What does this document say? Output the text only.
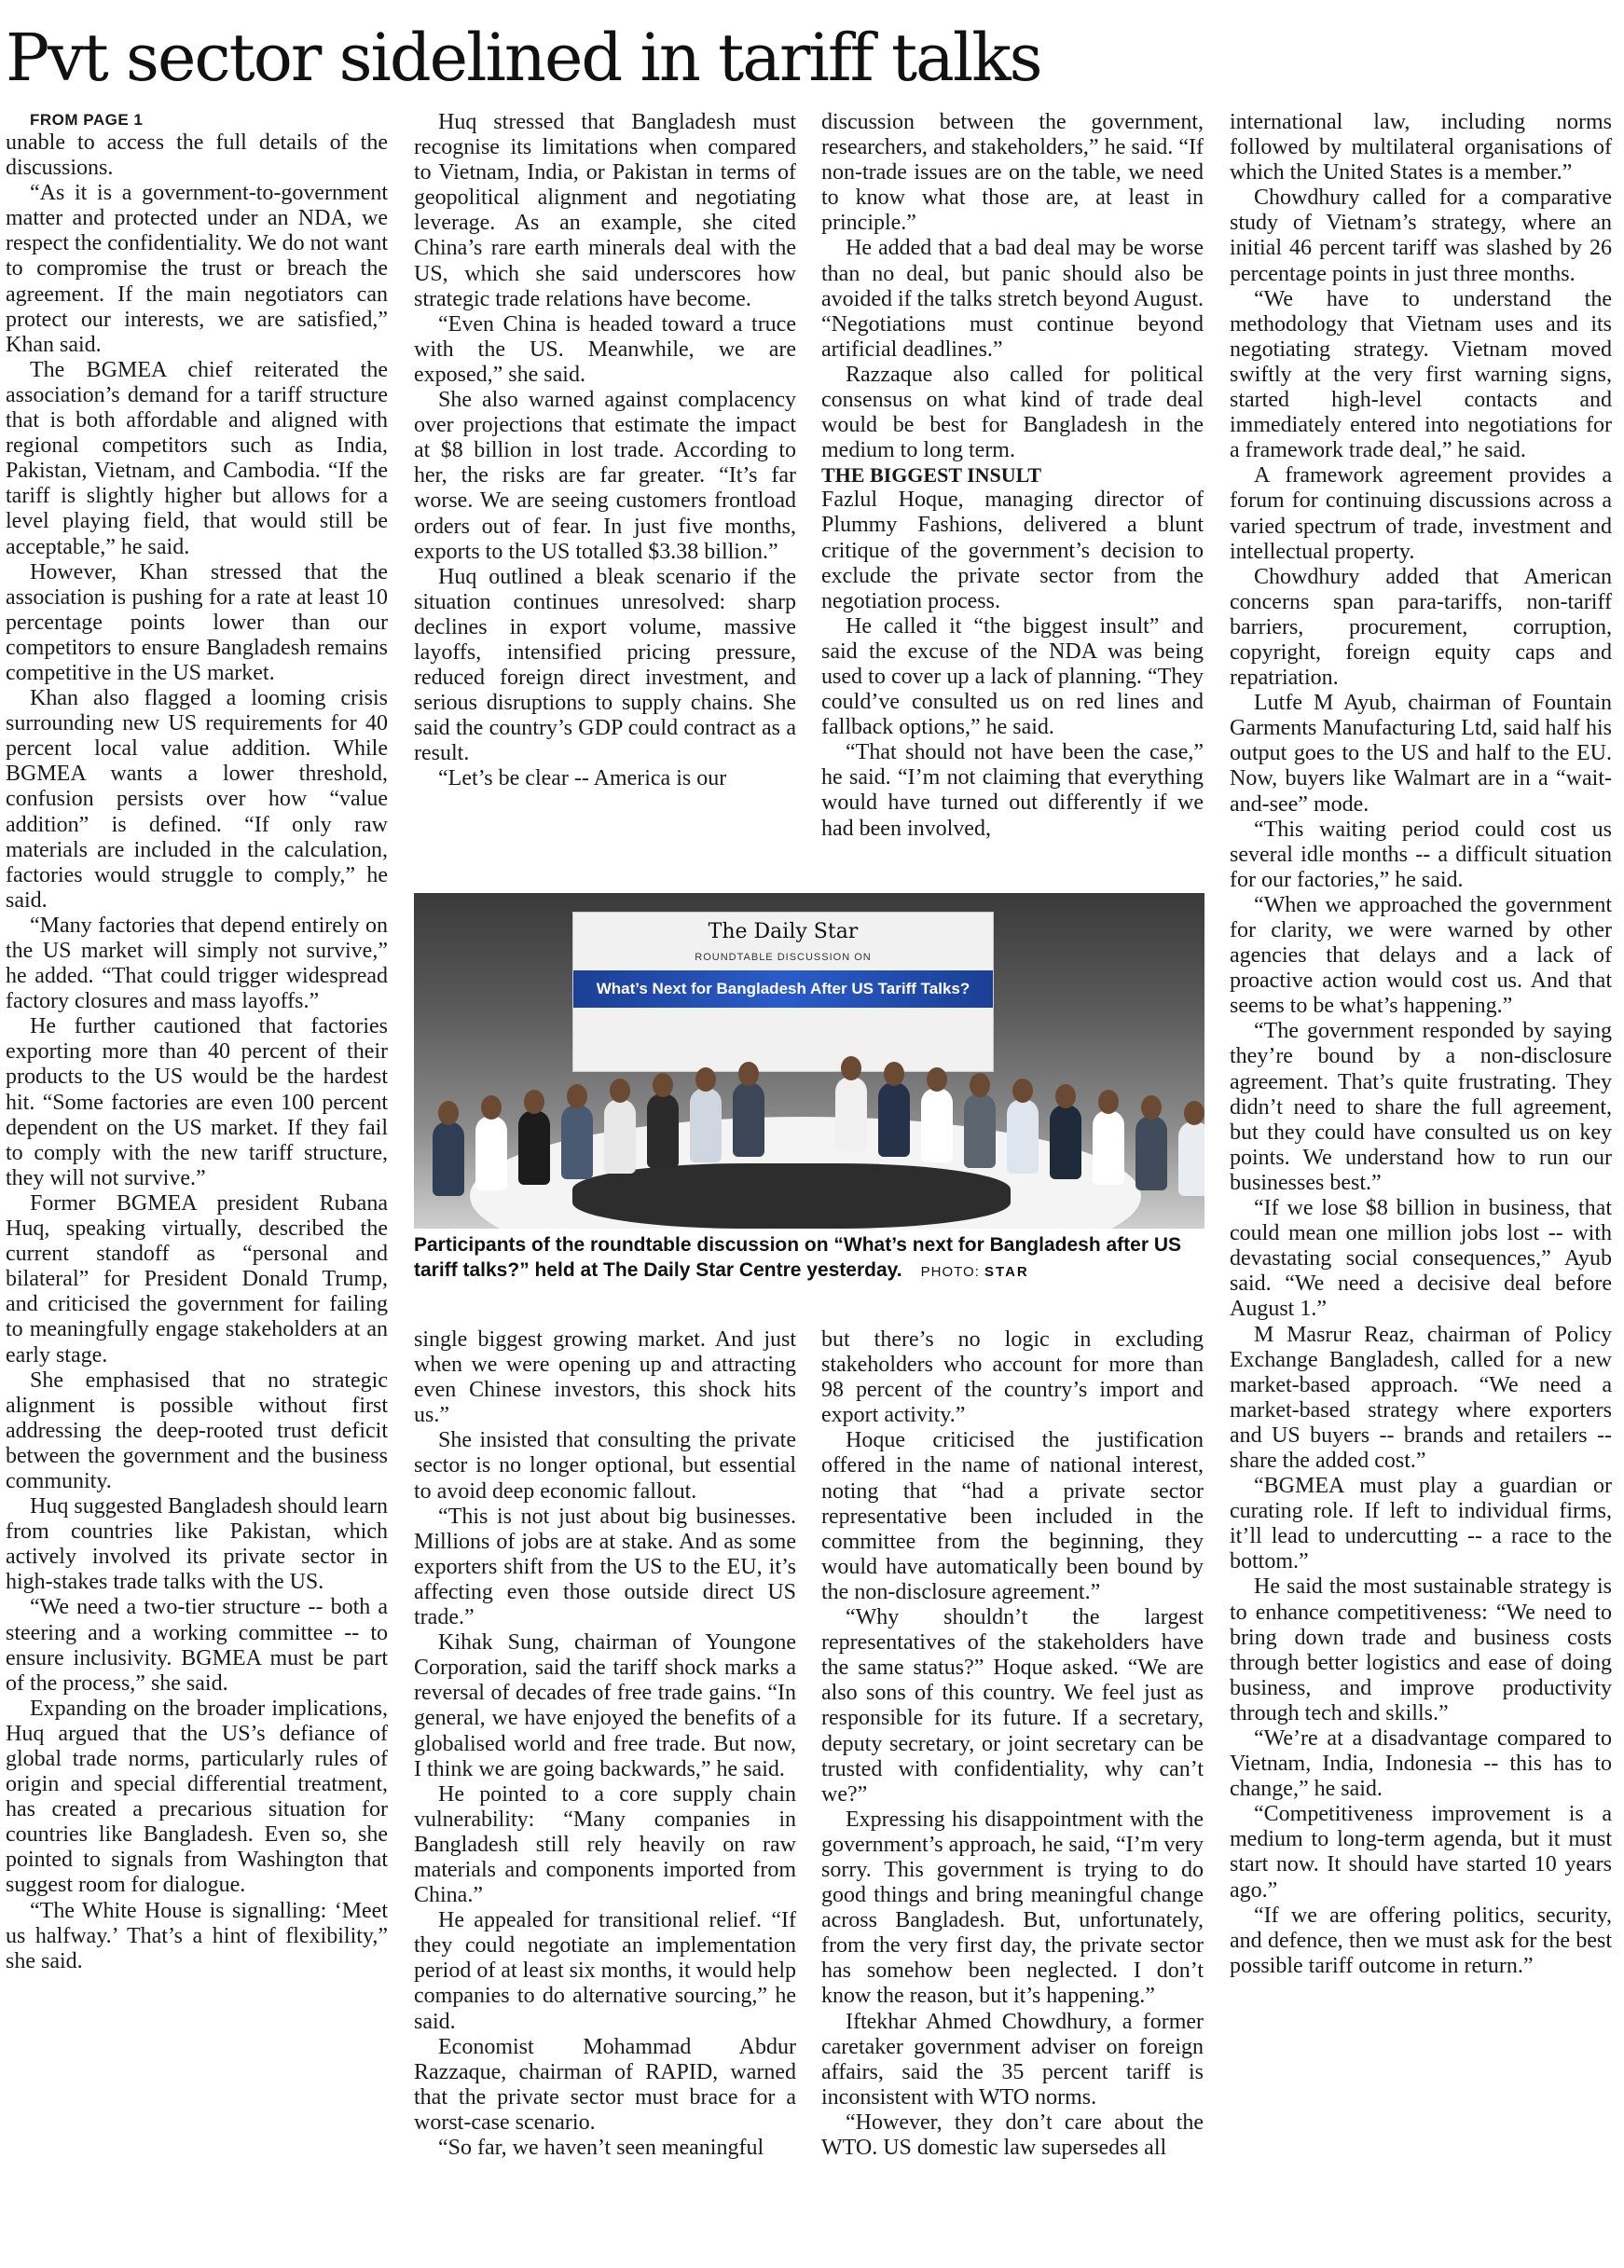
Pvt sector sidelined in tariff talks

FROM PAGE 1

unable to access the full details of the discussions.

“As it is a government-to-government matter and protected under an NDA, we respect the confidentiality. We do not want to compromise the trust or breach the agreement. If the main negotiators can protect our interests, we are satisfied,” Khan said.

The BGMEA chief reiterated the association’s demand for a tariff structure that is both affordable and aligned with regional competitors such as India, Pakistan, Vietnam, and Cambodia. “If the tariff is slightly higher but allows for a level playing field, that would still be acceptable,” he said.

However, Khan stressed that the association is pushing for a rate at least 10 percentage points lower than our competitors to ensure Bangladesh remains competitive in the US market.

Khan also flagged a looming crisis surrounding new US requirements for 40 percent local value addition. While BGMEA wants a lower threshold, confusion persists over how “value addition” is defined. “If only raw materials are included in the calculation, factories would struggle to comply,” he said.

“Many factories that depend entirely on the US market will simply not survive,” he added. “That could trigger widespread factory closures and mass layoffs.”

He further cautioned that factories exporting more than 40 percent of their products to the US would be the hardest hit. “Some factories are even 100 percent dependent on the US market. If they fail to comply with the new tariff structure, they will not survive.”

Former BGMEA president Rubana Huq, speaking virtually, described the current standoff as “personal and bilateral” for President Donald Trump, and criticised the government for failing to meaningfully engage stakeholders at an early stage.

She emphasised that no strategic alignment is possible without first addressing the deep-rooted trust deficit between the government and the business community.

Huq suggested Bangladesh should learn from countries like Pakistan, which actively involved its private sector in high-stakes trade talks with the US.

“We need a two-tier structure -- both a steering and a working committee -- to ensure inclusivity. BGMEA must be part of the process,” she said.

Expanding on the broader implications, Huq argued that the US’s defiance of global trade norms, particularly rules of origin and special differential treatment, has created a precarious situation for countries like Bangladesh. Even so, she pointed to signals from Washington that suggest room for dialogue.

“The White House is signalling: ‘Meet us halfway.’ That’s a hint of flexibility,” she said.

Huq stressed that Bangladesh must recognise its limitations when compared to Vietnam, India, or Pakistan in terms of geopolitical alignment and negotiating leverage. As an example, she cited China’s rare earth minerals deal with the US, which she said underscores how strategic trade relations have become.

“Even China is headed toward a truce with the US. Meanwhile, we are exposed,” she said.

She also warned against complacency over projections that estimate the impact at $8 billion in lost trade. According to her, the risks are far greater. “It’s far worse. We are seeing customers frontload orders out of fear. In just five months, exports to the US totalled $3.38 billion.”

Huq outlined a bleak scenario if the situation continues unresolved: sharp declines in export volume, massive layoffs, intensified pricing pressure, reduced foreign direct investment, and serious disruptions to supply chains. She said the country’s GDP could contract as a result.

“Let’s be clear -- America is our

discussion between the government, researchers, and stakeholders,” he said. “If non-trade issues are on the table, we need to know what those are, at least in principle.”

He added that a bad deal may be worse than no deal, but panic should also be avoided if the talks stretch beyond August. “Negotiations must continue beyond artificial deadlines.”

Razzaque also called for political consensus on what kind of trade deal would be best for Bangladesh in the medium to long term.

THE BIGGEST INSULT

Fazlul Hoque, managing director of Plummy Fashions, delivered a blunt critique of the government’s decision to exclude the private sector from the negotiation process.

He called it “the biggest insult” and said the excuse of the NDA was being used to cover up a lack of planning. “They could’ve consulted us on red lines and fallback options,” he said.

“That should not have been the case,” he said. “I’m not claiming that everything would have turned out differently if we had been involved,

international law, including norms followed by multilateral organisations of which the United States is a member.”

Chowdhury called for a comparative study of Vietnam’s strategy, where an initial 46 percent tariff was slashed by 26 percentage points in just three months.

“We have to understand the methodology that Vietnam uses and its negotiating strategy. Vietnam moved swiftly at the very first warning signs, started high-level contacts and immediately entered into negotiations for a framework trade deal,” he said.

A framework agreement provides a forum for continuing discussions across a varied spectrum of trade, investment and intellectual property.

Chowdhury added that American concerns span para-tariffs, non-tariff barriers, procurement, corruption, copyright, foreign equity caps and repatriation.

Lutfe M Ayub, chairman of Fountain Garments Manufacturing Ltd, said half his output goes to the US and half to the EU. Now, buyers like Walmart are in a “wait-and-see” mode.

“This waiting period could cost us several idle months -- a difficult situation for our factories,” he said.

“When we approached the government for clarity, we were warned by other agencies that delays and a lack of proactive action would cost us. And that seems to be what’s happening.”

“The government responded by saying they’re bound by a non-disclosure agreement. That’s quite frustrating. They didn’t need to share the full agreement, but they could have consulted us on key points. We understand how to run our businesses best.”

“If we lose $8 billion in business, that could mean one million jobs lost -- with devastating social consequences,” Ayub said. “We need a decisive deal before August 1.”

M Masrur Reaz, chairman of Policy Exchange Bangladesh, called for a new market-based approach. “We need a market-based strategy where exporters and US buyers -- brands and retailers -- share the added cost.”

“BGMEA must play a guardian or curating role. If left to individual firms, it’ll lead to undercutting -- a race to the bottom.”

He said the most sustainable strategy is to enhance competitiveness: “We need to bring down trade and business costs through better logistics and ease of doing business, and improve productivity through tech and skills.”

“We’re at a disadvantage compared to Vietnam, India, Indonesia -- this has to change,” he said.

“Competitiveness improvement is a medium to long-term agenda, but it must start now. It should have started 10 years ago.”

“If we are offering politics, security, and defence, then we must ask for the best possible tariff outcome in return.”

The Daily Star
ROUNDTABLE DISCUSSION ON
What’s Next for Bangladesh After US Tariff Talks?
Participants of the roundtable discussion on “What’s next for Bangladesh after US tariff talks?” held at The Daily Star Centre yesterday. PHOTO: STAR

single biggest growing market. And just when we were opening up and attracting even Chinese investors, this shock hits us.”

She insisted that consulting the private sector is no longer optional, but essential to avoid deep economic fallout.

“This is not just about big businesses. Millions of jobs are at stake. And as some exporters shift from the US to the EU, it’s affecting even those outside direct US trade.”

Kihak Sung, chairman of Youngone Corporation, said the tariff shock marks a reversal of decades of free trade gains. “In general, we have enjoyed the benefits of a globalised world and free trade. But now, I think we are going backwards,” he said.

He pointed to a core supply chain vulnerability: “Many companies in Bangladesh still rely heavily on raw materials and components imported from China.”

He appealed for transitional relief. “If they could negotiate an implementation period of at least six months, it would help companies to do alternative sourcing,” he said.

Economist Mohammad Abdur Razzaque, chairman of RAPID, warned that the private sector must brace for a worst-case scenario.

“So far, we haven’t seen meaningful

but there’s no logic in excluding stakeholders who account for more than 98 percent of the country’s import and export activity.”

Hoque criticised the justification offered in the name of national interest, noting that “had a private sector representative been included in the committee from the beginning, they would have automatically been bound by the non-disclosure agreement.”

“Why shouldn’t the largest representatives of the stakeholders have the same status?” Hoque asked. “We are also sons of this country. We feel just as responsible for its future. If a secretary, deputy secretary, or joint secretary can be trusted with confidentiality, why can’t we?”

Expressing his disappointment with the government’s approach, he said, “I’m very sorry. This government is trying to do good things and bring meaningful change across Bangladesh. But, unfortunately, from the very first day, the private sector has somehow been neglected. I don’t know the reason, but it’s happening.”

Iftekhar Ahmed Chowdhury, a former caretaker government adviser on foreign affairs, said the 35 percent tariff is inconsistent with WTO norms.

“However, they don’t care about the WTO. US domestic law supersedes all
